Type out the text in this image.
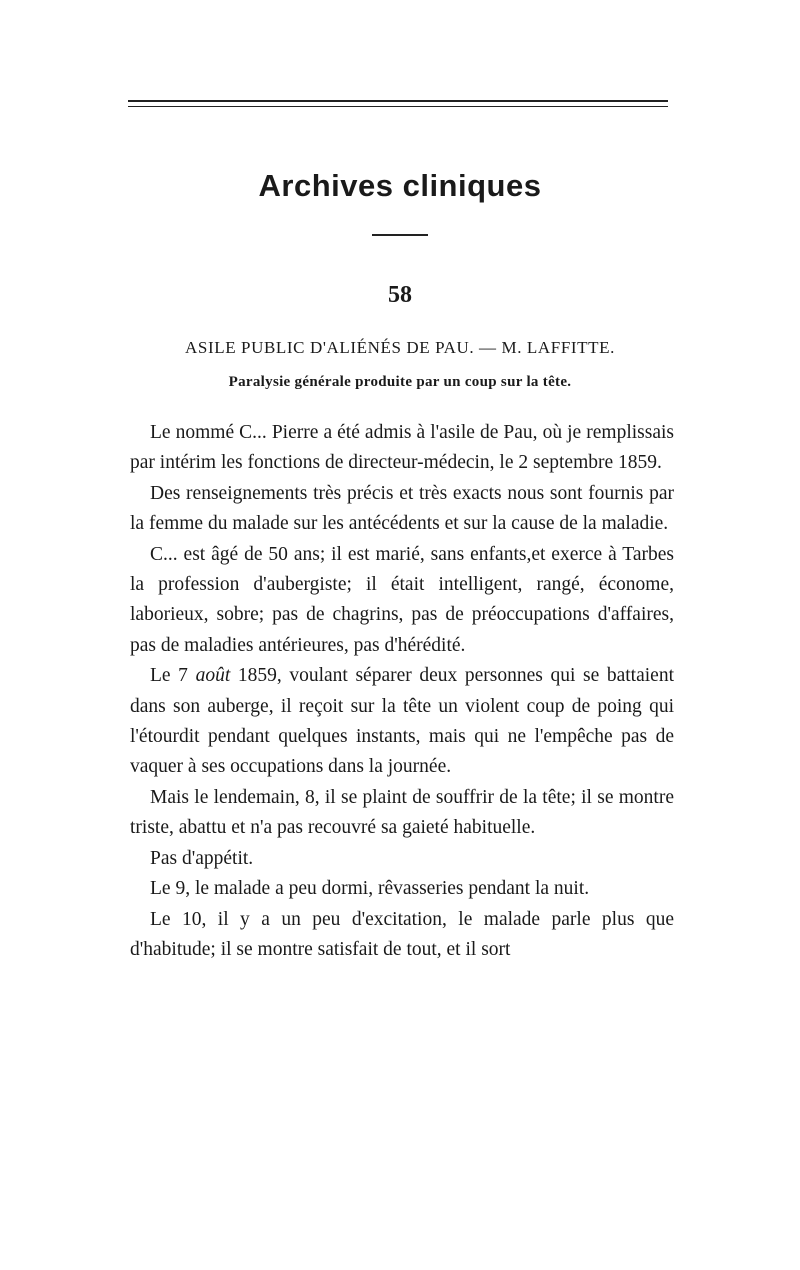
Archives cliniques
58
ASILE PUBLIC D'ALIÉNÉS DE PAU. — M. LAFFITTE.
Paralysie générale produite par un coup sur la tête.

Le nommé C... Pierre a été admis à l'asile de Pau, où je remplissais par intérim les fonctions de directeur-médecin, le 2 septembre 1859.

Des renseignements très précis et très exacts nous sont fournis par la femme du malade sur les antécédents et sur la cause de la maladie.

C... est âgé de 50 ans; il est marié, sans enfants,et exerce à Tarbes la profession d'aubergiste; il était intelligent, rangé, économe, laborieux, sobre; pas de chagrins, pas de préoccupations d'affaires, pas de maladies antérieures, pas d'hérédité.

Le 7 août 1859, voulant séparer deux personnes qui se battaient dans son auberge, il reçoit sur la tête un violent coup de poing qui l'étourdit pendant quelques instants, mais qui ne l'empêche pas de vaquer à ses occupations dans la journée.

Mais le lendemain, 8, il se plaint de souffrir de la tête; il se montre triste, abattu et n'a pas recouvré sa gaieté habituelle.

Pas d'appétit.

Le 9, le malade a peu dormi, rêvasseries pendant la nuit.

Le 10, il y a un peu d'excitation, le malade parle plus que d'habitude; il se montre satisfait de tout, et il sort
